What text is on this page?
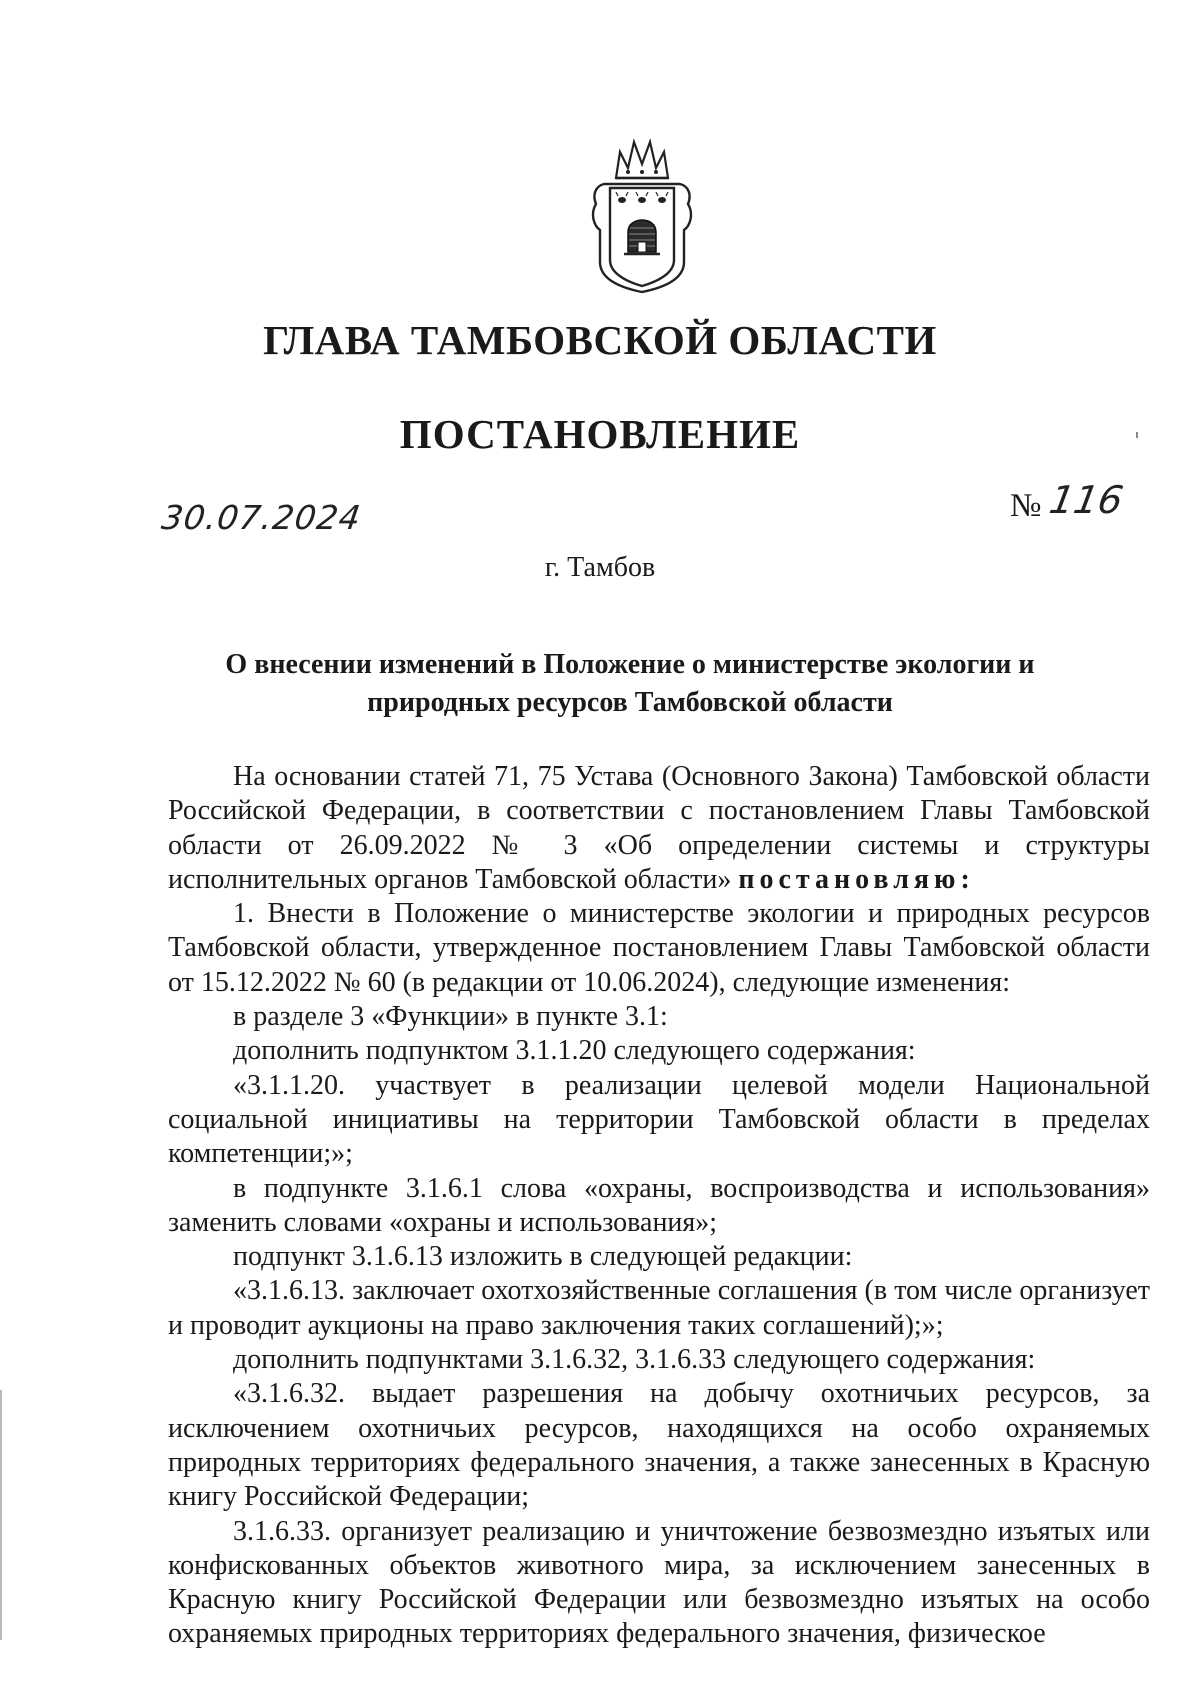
ГЛАВА ТАМБОВСКОЙ ОБЛАСТИ
ПОСТАНОВЛЕНИЕ
30.07.2024	№ 116
г. Тамбов
О внесении изменений в Положение о министерстве экологии и
природных ресурсов Тамбовской области

На основании статей 71, 75 Устава (Основного Закона) Тамбовской области Российской Федерации, в соответствии с постановлением Главы Тамбовской области от 26.09.2022 № 3 «Об определении системы и структуры исполнительных органов Тамбовской области» постановляю:

1. Внести в Положение о министерстве экологии и природных ресурсов Тамбовской области, утвержденное постановлением Главы Тамбовской области от 15.12.2022 № 60 (в редакции от 10.06.2024), следующие изменения:

в разделе 3 «Функции» в пункте 3.1:

дополнить подпунктом 3.1.1.20 следующего содержания:

«3.1.1.20. участвует в реализации целевой модели Национальной социальной инициативы на территории Тамбовской области в пределах компетенции;»;

в подпункте 3.1.6.1 слова «охраны, воспроизводства и использования» заменить словами «охраны и использования»;

подпункт 3.1.6.13 изложить в следующей редакции:

«3.1.6.13. заключает охотхозяйственные соглашения (в том числе организует и проводит аукционы на право заключения таких соглашений);»;

дополнить подпунктами 3.1.6.32, 3.1.6.33 следующего содержания:

«3.1.6.32. выдает разрешения на добычу охотничьих ресурсов, за исключением охотничьих ресурсов, находящихся на особо охраняемых природных территориях федерального значения, а также занесенных в Красную книгу Российской Федерации;

3.1.6.33. организует реализацию и уничтожение безвозмездно изъятых или конфискованных объектов животного мира, за исключением занесенных в Красную книгу Российской Федерации или безвозмездно изъятых на особо охраняемых природных территориях федерального значения, физическое
